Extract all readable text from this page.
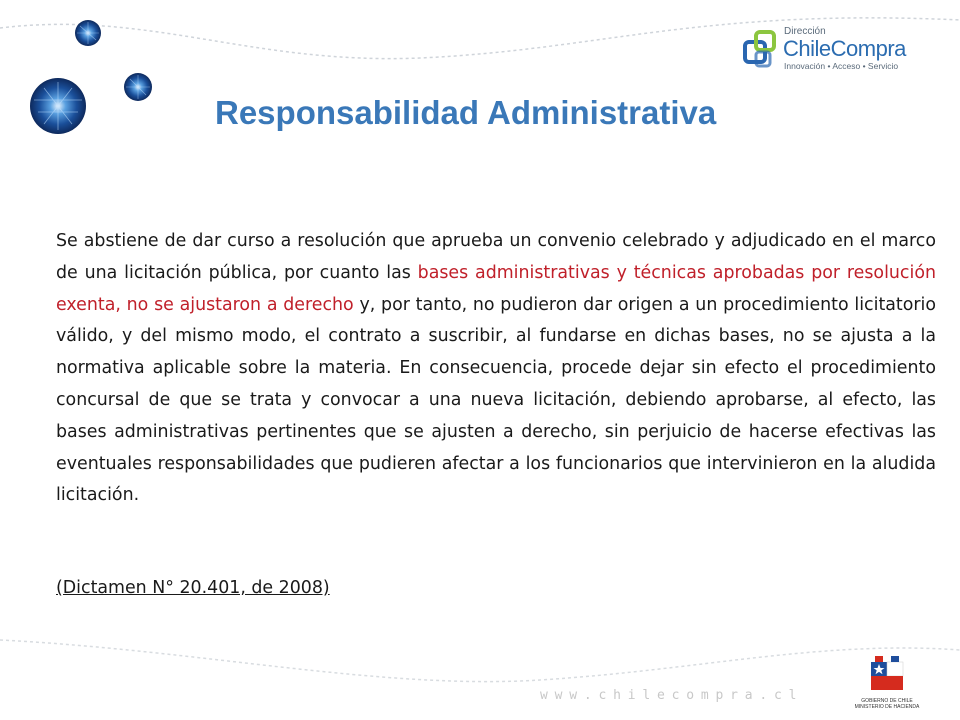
Dirección
ChileCompra
Innovación • Acceso • Servicio
Responsabilidad Administrativa

Se abstiene de dar curso a resolución que aprueba un convenio celebrado y adjudicado en el marco de una licitación pública, por cuanto las bases administrativas y técnicas aprobadas por resolución exenta, no se ajustaron a derecho y, por tanto, no pudieron dar origen a un procedimiento licitatorio válido, y del mismo modo, el contrato a suscribir, al fundarse en dichas bases, no se ajusta a la normativa aplicable sobre la materia. En consecuencia, procede dejar sin efecto el procedimiento concursal de que se trata y convocar a una nueva licitación, debiendo aprobarse, al efecto, las bases administrativas pertinentes que se ajusten a derecho, sin perjuicio de hacerse efectivas las eventuales responsabilidades que pudieren afectar a los funcionarios que intervinieron en la aludida licitación.

(Dictamen N° 20.401, de 2008)

www.chilecompra.cl	GOBIERNO DE CHILE
MINISTERIO DE HACIENDA
